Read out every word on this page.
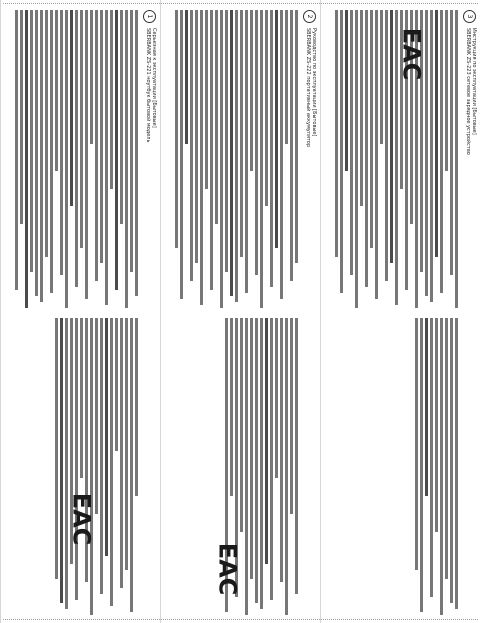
1
Серьезная к эксплуатации [Бытовые]
SBERBANK ZS-221 ноутбук бытовой модель
EAC
2
Руководство по эксплуатации [Бытовые]
SBERBANK ZS-222 портативный аккумулятор
EAC
3
Инструкция по эксплуатации [Бытовые]
SBERBANK ZS-223 сетевое зарядное устройство
EAC
